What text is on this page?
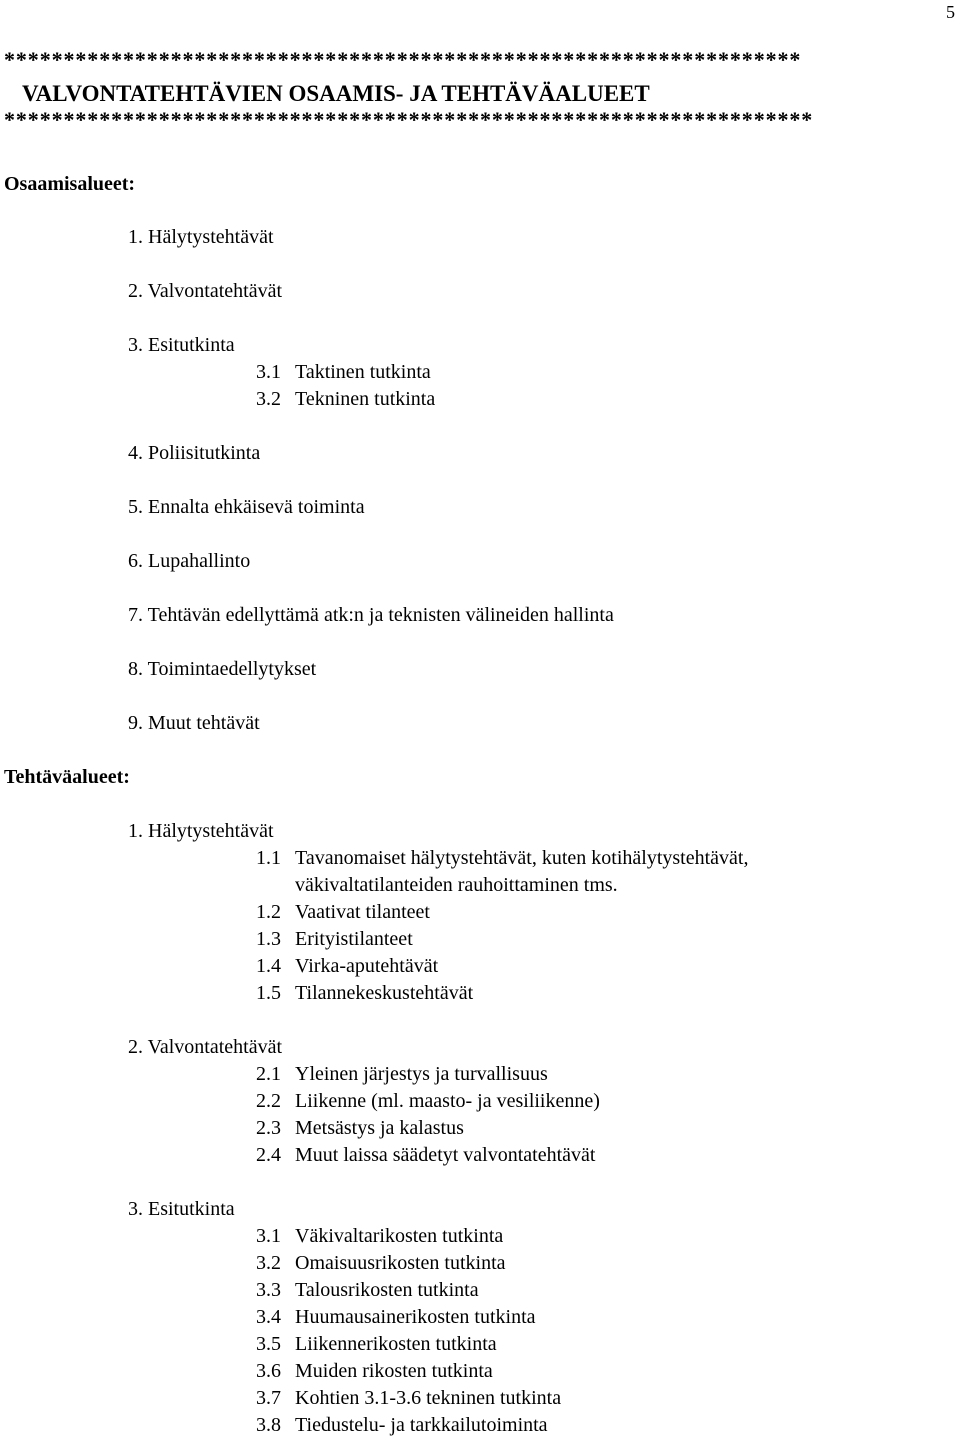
5
*******************************************************************
VALVONTATEHTÄVIEN OSAAMIS- JA TEHTÄVÄALUEET
********************************************************************
Osaamisalueet:
1. Hälytystehtävät
2. Valvontatehtävät
3. Esitutkinta
3.1 Taktinen tutkinta
3.2 Tekninen tutkinta
4. Poliisitutkinta
5. Ennalta ehkäisevä toiminta
6. Lupahallinto
7. Tehtävän edellyttämä atk:n ja teknisten välineiden hallinta
8. Toimintaedellytykset
9. Muut tehtävät
Tehtäväalueet:
1. Hälytystehtävät
1.1 Tavanomaiset hälytystehtävät, kuten kotihälytystehtävät,
väkivaltatilanteiden rauhoittaminen tms.
1.2 Vaativat tilanteet
1.3 Erityistilanteet
1.4 Virka-aputehtävät
1.5 Tilannekeskustehtävät
2. Valvontatehtävät
2.1 Yleinen järjestys ja turvallisuus
2.2 Liikenne (ml. maasto- ja vesiliikenne)
2.3 Metsästys ja kalastus
2.4 Muut laissa säädetyt valvontatehtävät
3. Esitutkinta
3.1 Väkivaltarikosten tutkinta
3.2 Omaisuusrikosten tutkinta
3.3 Talousrikosten tutkinta
3.4 Huumausainerikosten tutkinta
3.5 Liikennerikosten tutkinta
3.6 Muiden rikosten tutkinta
3.7 Kohtien 3.1-3.6 tekninen tutkinta
3.8 Tiedustelu- ja tarkkailutoiminta
